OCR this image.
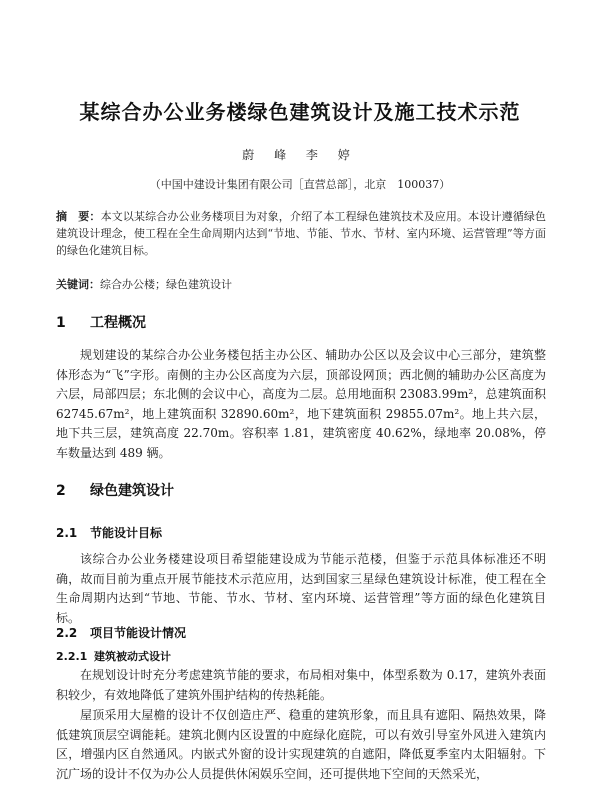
某综合办公业务楼绿色建筑设计及施工技术示范
蔚 峰 李 婷
（中国中建设计集团有限公司［直营总部］，北京　100037）
摘　要：本文以某综合办公业务楼项目为对象，介绍了本工程绿色建筑技术及应用。本设计遵循绿色建筑设计理念，使工程在全生命周期内达到“节地、节能、节水、节材、室内环境、运营管理”等方面的绿色化建筑目标。
关键词：综合办公楼；绿色建筑设计
1 工程概况
规划建设的某综合办公业务楼包括主办公区、辅助办公区以及会议中心三部分，建筑整体形态为“飞”字形。南侧的主办公区高度为六层，顶部设网顶；西北侧的辅助办公区高度为六层，局部四层；东北侧的会议中心，高度为二层。总用地面积 23083.99m²，总建筑面积 62745.67m²，地上建筑面积 32890.60m²，地下建筑面积 29855.07m²。地上共六层，地下共三层，建筑高度 22.70m。容积率 1.81，建筑密度 40.62%，绿地率 20.08%，停车数量达到 489 辆。
2 绿色建筑设计
2.1 节能设计目标
该综合办公业务楼建设项目希望能建设成为节能示范楼，但鉴于示范具体标准还不明确，故而目前为重点开展节能技术示范应用，达到国家三星绿色建筑设计标准，使工程在全生命周期内达到“节地、节能、节水、节材、室内环境、运营管理”等方面的绿色化建筑目标。
2.2 项目节能设计情况
2.2.1 建筑被动式设计
在规划设计时充分考虑建筑节能的要求，布局相对集中，体型系数为 0.17，建筑外表面积较少，有效地降低了建筑外围护结构的传热耗能。
屋顶采用大屋檐的设计不仅创造庄严、稳重的建筑形象，而且具有遮阳、隔热效果，降低建筑顶层空调能耗。建筑北侧内区设置的中庭绿化庭院，可以有效引导室外风进入建筑内区，增强内区自然通风。内嵌式外窗的设计实现建筑的自遮阳，降低夏季室内太阳辐射。下沉广场的设计不仅为办公人员提供休闲娱乐空间，还可提供地下空间的天然采光，
